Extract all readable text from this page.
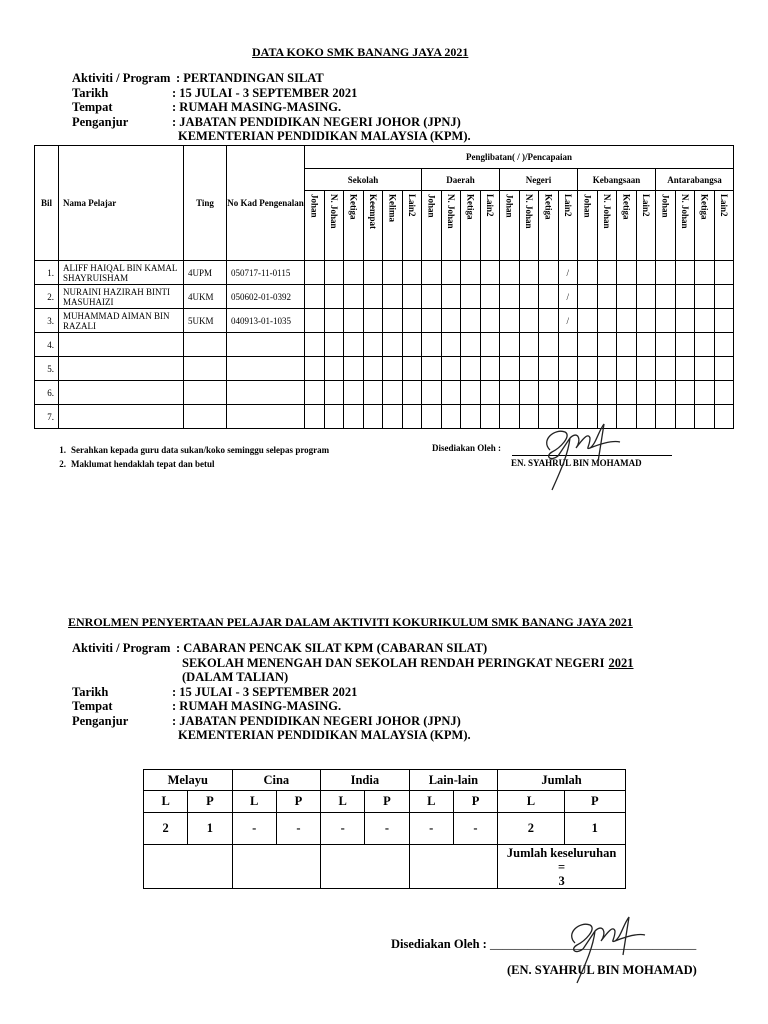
DATA KOKO SMK BANANG JAYA 2021
Aktiviti / Program : PERTANDINGAN SILAT
Tarikh	: 15 JULAI - 3 SEPTEMBER 2021
Tempat	: RUMAH MASING-MASING.
Penganjur	: JABATAN PENDIDIKAN NEGERI JOHOR (JPNJ)
KEMENTERIAN PENDIDIKAN MALAYSIA (KPM).
Bil	Nama Pelajar	Ting	No Kad Pengenalan	Penglibatan( / )/Pencapaian																					
				Sekolah						Daerah				Negeri				Kebangsaan				Antarabangsa			

				Johan	N. Johan	Ketiga	Keempat	Kelima	Lain2	Johan	N. Johan	Ketiga	Lain2	Johan	N. Johan	Ketiga	Lain2	Johan	N. Johan	Ketiga	Lain2	Johan	N. Johan	Ketiga	Lain2

1.	ALIFF HAIQAL BIN KAMAL SHAYRUISHAM	4UPM	050717-11-0115														/								
2.	NURAINI HAZIRAH BINTI MASUHAIZI	4UKM	050602-01-0392														/								
3.	MUHAMMAD AIMAN BIN RAZALI	5UKM	040913-01-1035														/								
4.																									
5.																									
6.																									
7.																									
1. Serahkan kepada guru data sukan/koko seminggu selepas program
2. Maklumat hendaklah tepat dan betul
Disediakan Oleh :
EN. SYAHRUL BIN MOHAMAD
ENROLMEN PENYERTAAN PELAJAR DALAM AKTIVITI KOKURIKULUM SMK BANANG JAYA 2021
Aktiviti / Program : CABARAN PENCAK SILAT KPM (CABARAN SILAT)
SEKOLAH MENENGAH DAN SEKOLAH RENDAH PERINGKAT NEGERI 2021
(DALAM TALIAN)
Tarikh	: 15 JULAI - 3 SEPTEMBER 2021
Tempat	: RUMAH MASING-MASING.
Penganjur	: JABATAN PENDIDIKAN NEGERI JOHOR (JPNJ)
KEMENTERIAN PENDIDIKAN MALAYSIA (KPM).
Melayu		Cina		India		Lain-lain		Jumlah	
L	P	L	P	L	P	L	P	L	P
2	1	-	-	-	-	-	-	2	1

								Jumlah keseluruhan
=
3	
Disediakan Oleh : _________________________________
(EN. SYAHRUL BIN MOHAMAD)
